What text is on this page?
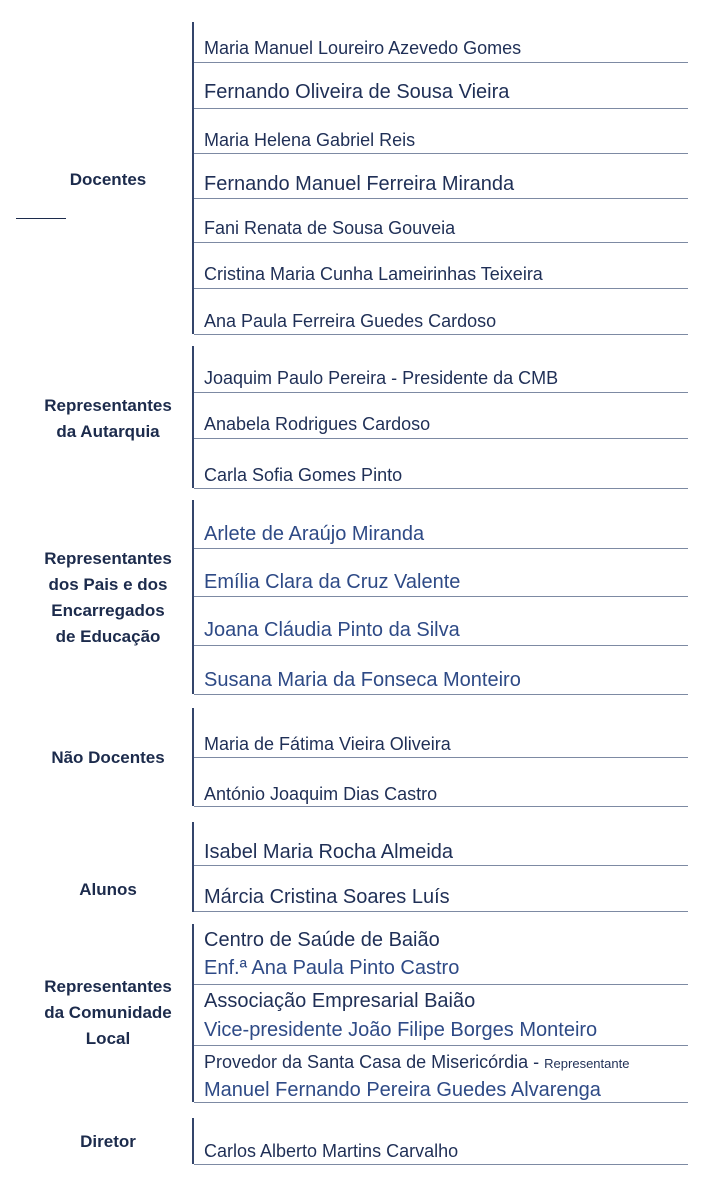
Docentes
Maria Manuel Loureiro Azevedo Gomes
Fernando Oliveira de Sousa Vieira
Maria Helena Gabriel Reis
Fernando Manuel Ferreira Miranda
Fani Renata de Sousa Gouveia
Cristina Maria Cunha Lameirinhas Teixeira
Ana Paula Ferreira Guedes Cardoso
Representantes
da Autarquia
Joaquim Paulo Pereira - Presidente da CMB
Anabela Rodrigues Cardoso
Carla Sofia Gomes Pinto
Representantes
dos Pais e dos
Encarregados
de Educação
Arlete de Araújo Miranda
Emília Clara da Cruz Valente
Joana Cláudia Pinto da Silva
Susana Maria da Fonseca Monteiro
Não Docentes
Maria de Fátima Vieira Oliveira
António Joaquim Dias Castro
Alunos
Isabel Maria Rocha Almeida
Márcia Cristina Soares Luís
Representantes
da Comunidade
Local
Centro de Saúde de Baião
Enf.ª Ana Paula Pinto Castro
Associação Empresarial Baião
Vice-presidente João Filipe Borges Monteiro
Provedor da Santa Casa de Misericórdia - Representante
Manuel Fernando Pereira Guedes Alvarenga
Diretor	Carlos Alberto Martins Carvalho
